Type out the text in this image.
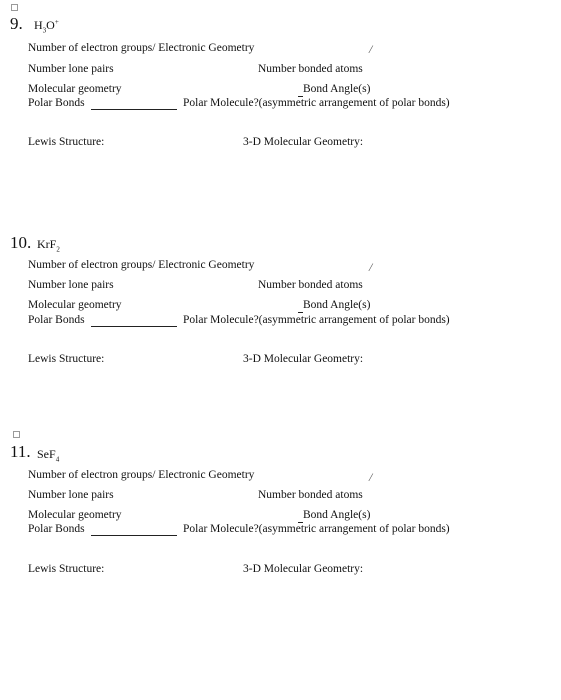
9. $H_3O^+$
Number of electron groups/ Electronic Geometry	/
Number lone pairs	Number bonded atoms
Molecular geometry	Bond Angle(s)
Polar Bonds	Polar Molecule?(asymmetric arrangement of polar bonds)
Lewis Structure:	3-D Molecular Geometry:
10. KrF$_2$
Number of electron groups/ Electronic Geometry	/
Number lone pairs	Number bonded atoms
Molecular geometry	Bond Angle(s)
Polar Bonds	Polar Molecule?(asymmetric arrangement of polar bonds)
Lewis Structure:	3-D Molecular Geometry:
11. SeF$_4$
Number of electron groups/ Electronic Geometry	/
Number lone pairs	Number bonded atoms
Molecular geometry	Bond Angle(s)
Polar Bonds	Polar Molecule?(asymmetric arrangement of polar bonds)
Lewis Structure:	3-D Molecular Geometry:
